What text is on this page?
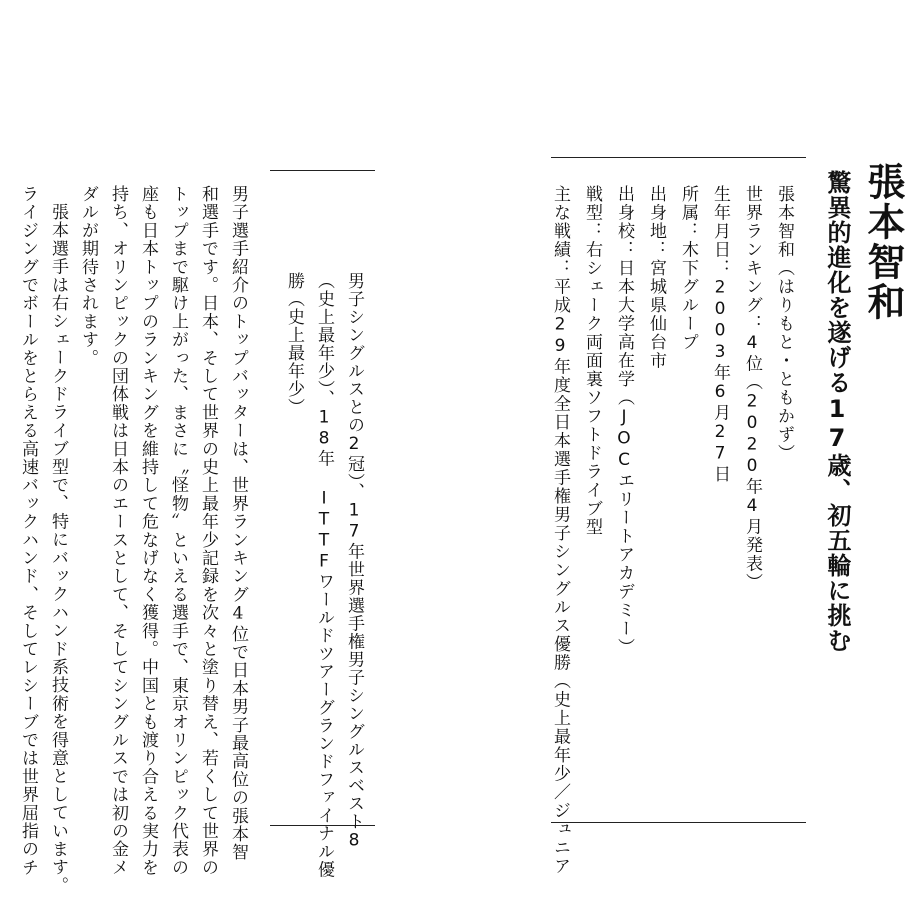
張本智和
驚異的進化を遂げる17歳、初五輪に挑む
張本智和（はりもと・ともかず）
世界ランキング：4位（2020年4月発表）
生年月日：2003年6月27日
所属：木下グループ
出身地：宮城県仙台市
出身校：日本大学高在学（JOCエリートアカデミー）
戦型：右シェーク両面裏ソフトドライブ型
主な戦績：平成29年度全日本選手権男子シングルス優勝（史上最年少／ジュニア
男子シングルスとの2冠）、17年世界選手権男子シングルスベスト8
（史上最年少）、18年 ITTFワールドツアーグランドファイナル優
勝（史上最年少）
男子選手紹介のトップバッターは、世界ランキング4位で日本男子最高位の張本智
和選手です。日本、そして世界の史上最年少記録を次々と塗り替え、若くして世界の
トップまで駆け上がった、まさに〝怪物〟といえる選手で、東京オリンピック代表の
座も日本トップのランキングを維持して危なげなく獲得。中国とも渡り合える実力を
持ち、オリンピックの団体戦は日本のエースとして、そしてシングルスでは初の金メ
ダルが期待されます。
張本選手は右シェークドライブ型で、特にバックハンド系技術を得意としています。
ライジングでボールをとらえる高速バックハンド、そしてレシーブでは世界屈指のチ
